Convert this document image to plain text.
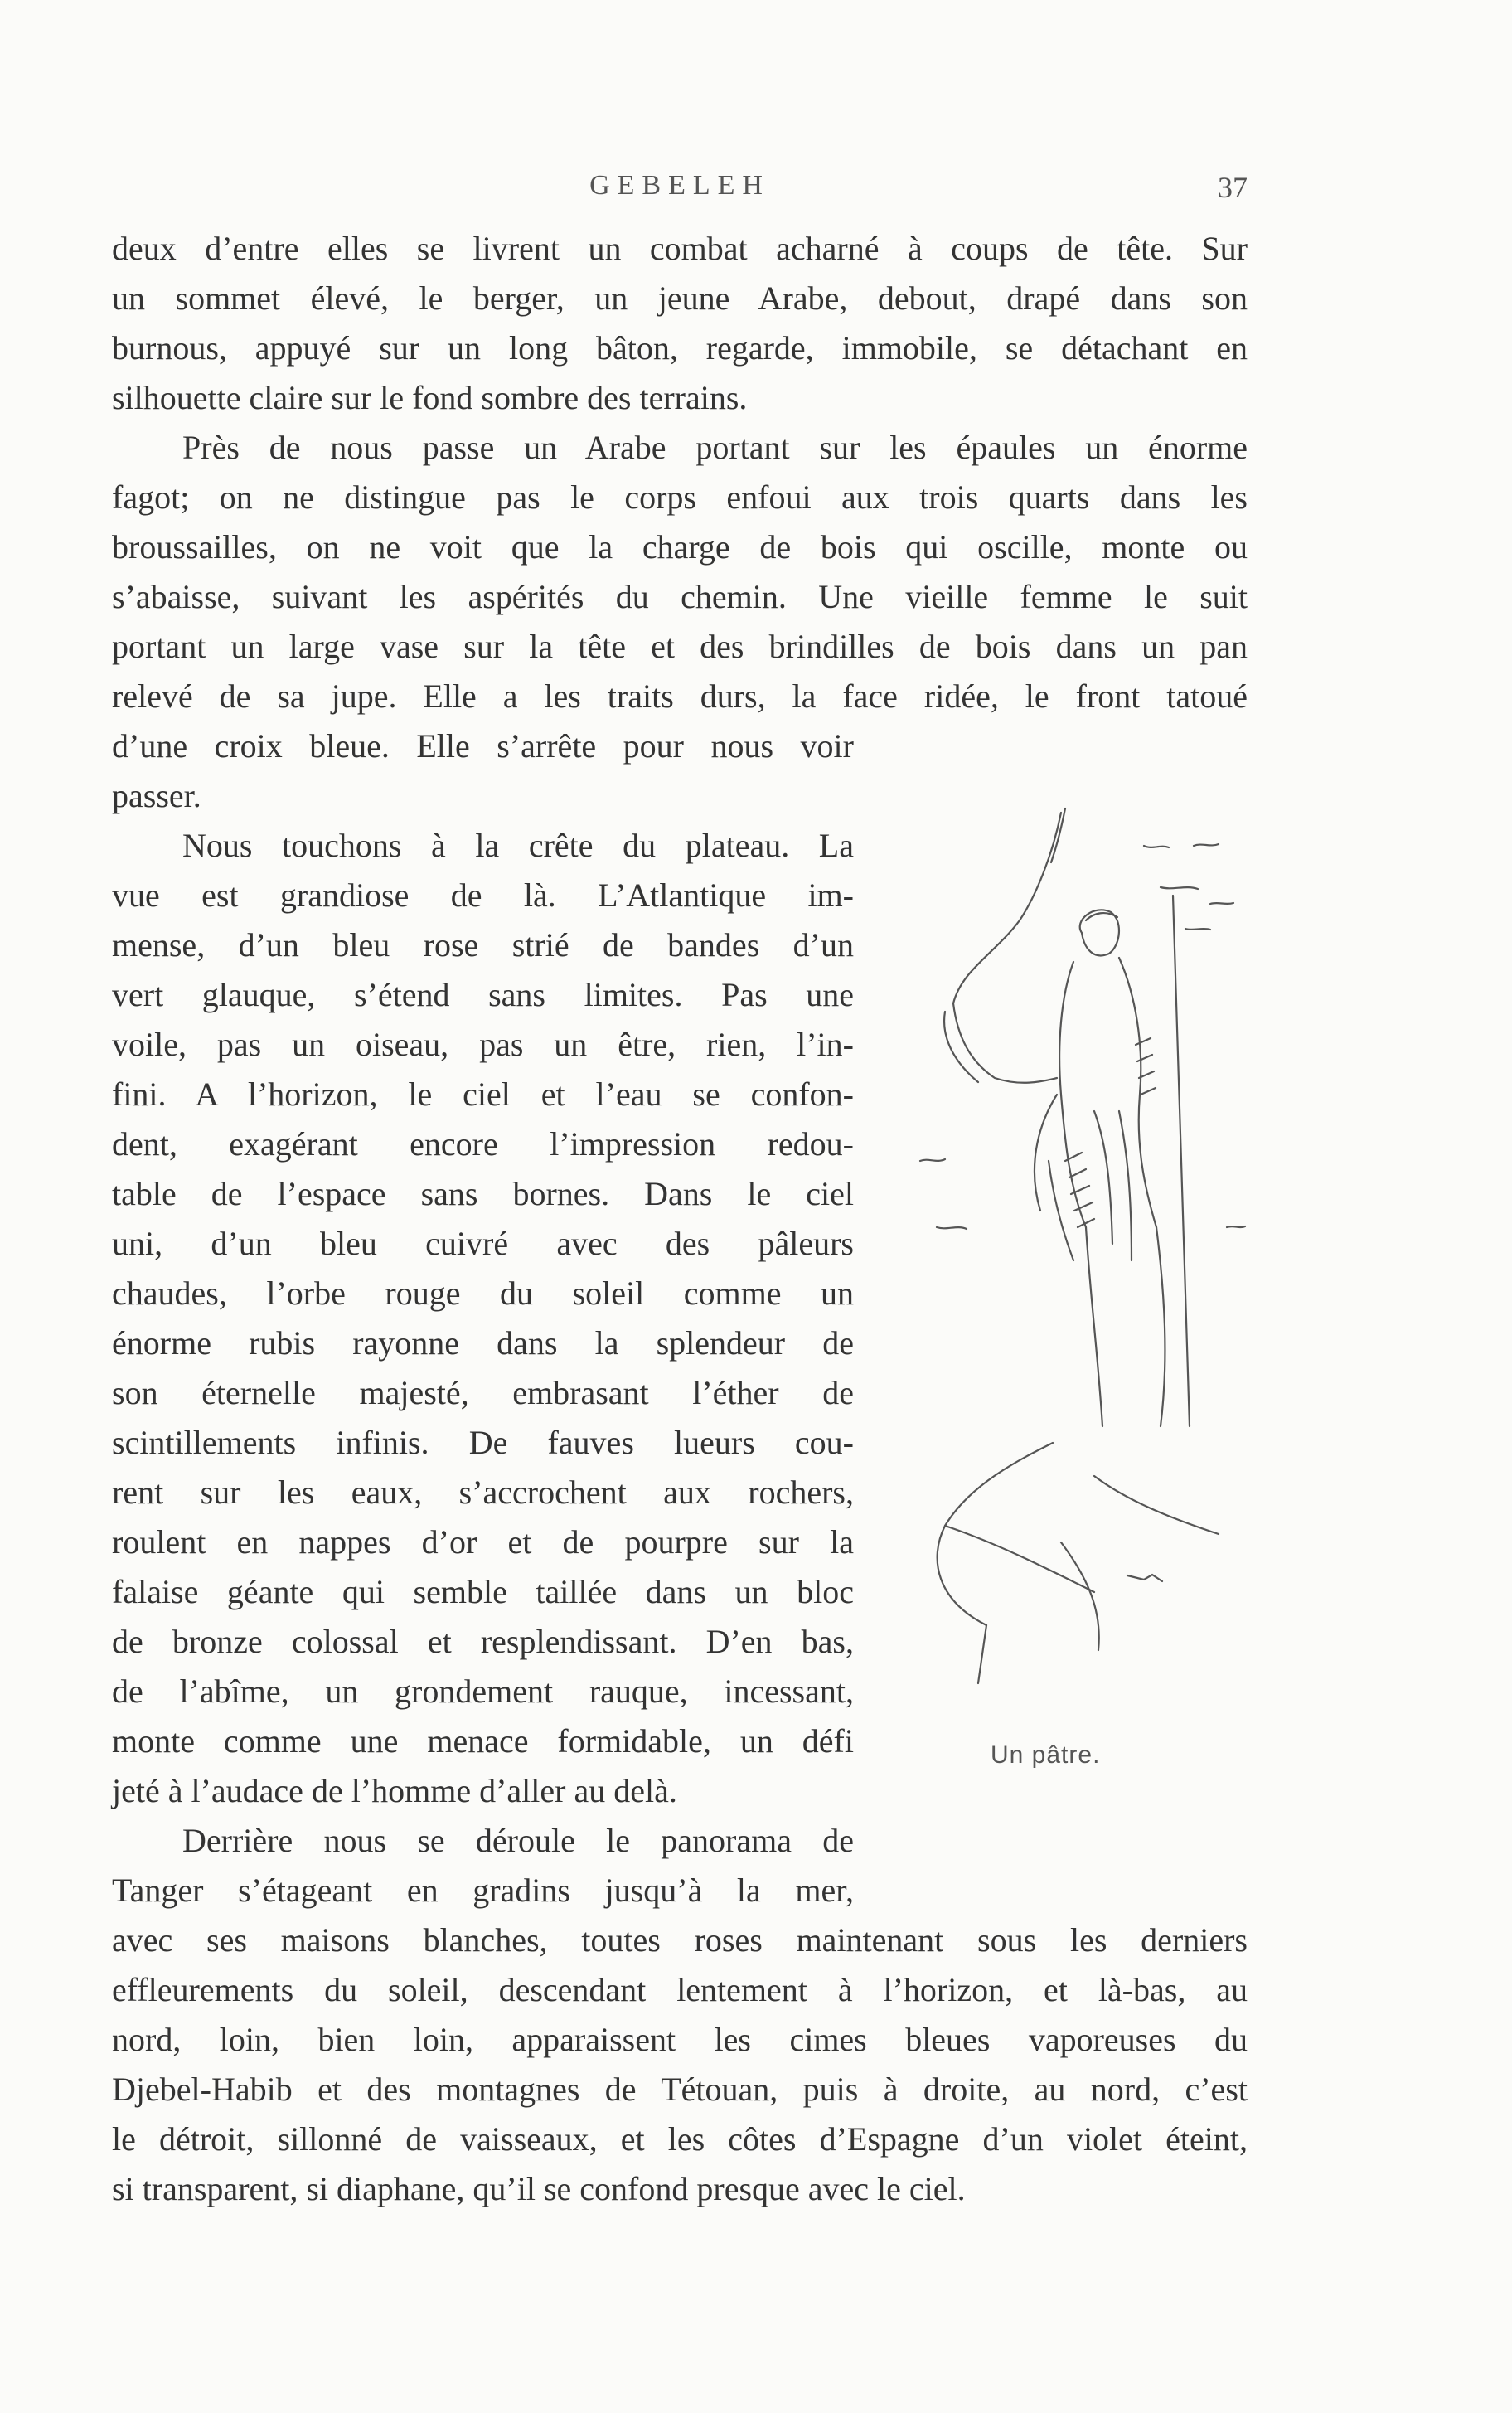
GEBELEH	37
deux d’entre elles se livrent un combat acharné à coups de tête. Sur
un sommet élevé, le berger, un jeune Arabe, debout, drapé dans son
burnous, appuyé sur un long bâton, regarde, immobile, se détachant en
silhouette claire sur le fond sombre des terrains.
Près de nous passe un Arabe portant sur les épaules un énorme
fagot; on ne distingue pas le corps enfoui aux trois quarts dans les
broussailles, on ne voit que la charge de bois qui oscille, monte ou
s’abaisse, suivant les aspérités du chemin. Une vieille femme le suit
portant un large vase sur la tête et des brindilles de bois dans un pan
relevé de sa jupe. Elle a les traits durs, la face ridée, le front tatoué
d’une croix bleue. Elle s’arrête pour nous voir
passer.
Nous touchons à la crête du plateau. La
vue est grandiose de là. L’Atlantique im-
mense, d’un bleu rose strié de bandes d’un
vert glauque, s’étend sans limites. Pas une
voile, pas un oiseau, pas un être, rien, l’in-
fini. A l’horizon, le ciel et l’eau se confon-
dent, exagérant encore l’impression redou-
table de l’espace sans bornes. Dans le ciel
uni, d’un bleu cuivré avec des pâleurs
chaudes, l’orbe rouge du soleil comme un
énorme rubis rayonne dans la splendeur de
son éternelle majesté, embrasant l’éther de
scintillements infinis. De fauves lueurs cou-
rent sur les eaux, s’accrochent aux rochers,
roulent en nappes d’or et de pourpre sur la
falaise géante qui semble taillée dans un bloc
de bronze colossal et resplendissant. D’en bas,
de l’abîme, un grondement rauque, incessant,
monte comme une menace formidable, un défi
jeté à l’audace de l’homme d’aller au delà.
Derrière nous se déroule le panorama de
Tanger s’étageant en gradins jusqu’à la mer,
avec ses maisons blanches, toutes roses maintenant sous les derniers
effleurements du soleil, descendant lentement à l’horizon, et là-bas, au
nord, loin, bien loin, apparaissent les cimes bleues vaporeuses du
Djebel-Habib et des montagnes de Tétouan, puis à droite, au nord, c’est
le détroit, sillonné de vaisseaux, et les côtes d’Espagne d’un violet éteint,
si transparent, si diaphane, qu’il se confond presque avec le ciel.
Un pâtre.
